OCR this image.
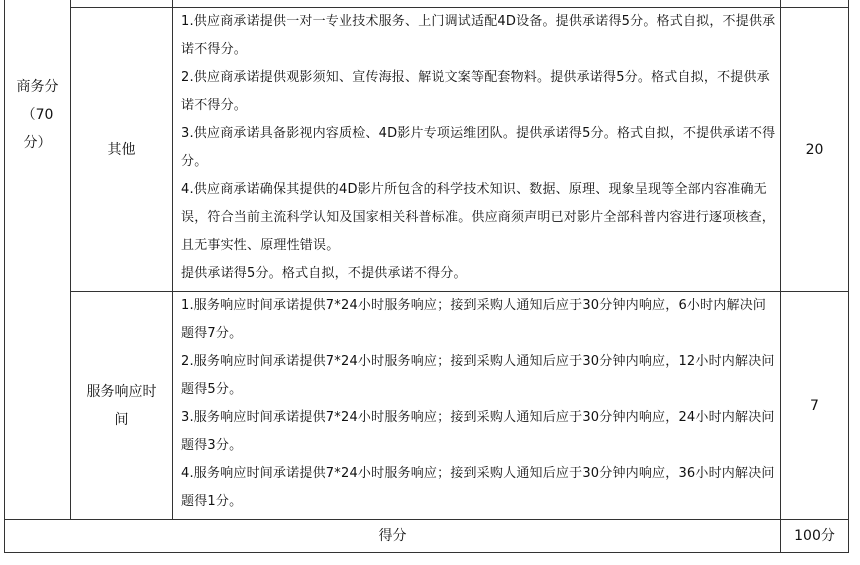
商务分
（70
分）	其他

1.供应商承诺提供一对一专业技术服务、上门调试适配4D设备。提供承诺得5分。格式自拟，不提供承诺不得分。

2.供应商承诺提供观影须知、宣传海报、解说文案等配套物料。提供承诺得5分。格式自拟，不提供承诺不得分。

3.供应商承诺具备影视内容质检、4D影片专项运维团队。提供承诺得5分。格式自拟，不提供承诺不得分。

4.供应商承诺确保其提供的4D影片所包含的科学技术知识、数据、原理、现象呈现等全部内容准确无误，符合当前主流科学认知及国家相关科普标准。供应商须声明已对影片全部科普内容进行逐项核查，且无事实性、原理性错误。

提供承诺得5分。格式自拟，不提供承诺不得分。

20
服务响应时
间

1.服务响应时间承诺提供7*24小时服务响应；接到采购人通知后应于30分钟内响应，6小时内解决问题得7分。

2.服务响应时间承诺提供7*24小时服务响应；接到采购人通知后应于30分钟内响应，12小时内解决问题得5分。

3.服务响应时间承诺提供7*24小时服务响应；接到采购人通知后应于30分钟内响应，24小时内解决问题得3分。

4.服务响应时间承诺提供7*24小时服务响应；接到采购人通知后应于30分钟内响应，36小时内解决问题得1分。

7
得分	100分
